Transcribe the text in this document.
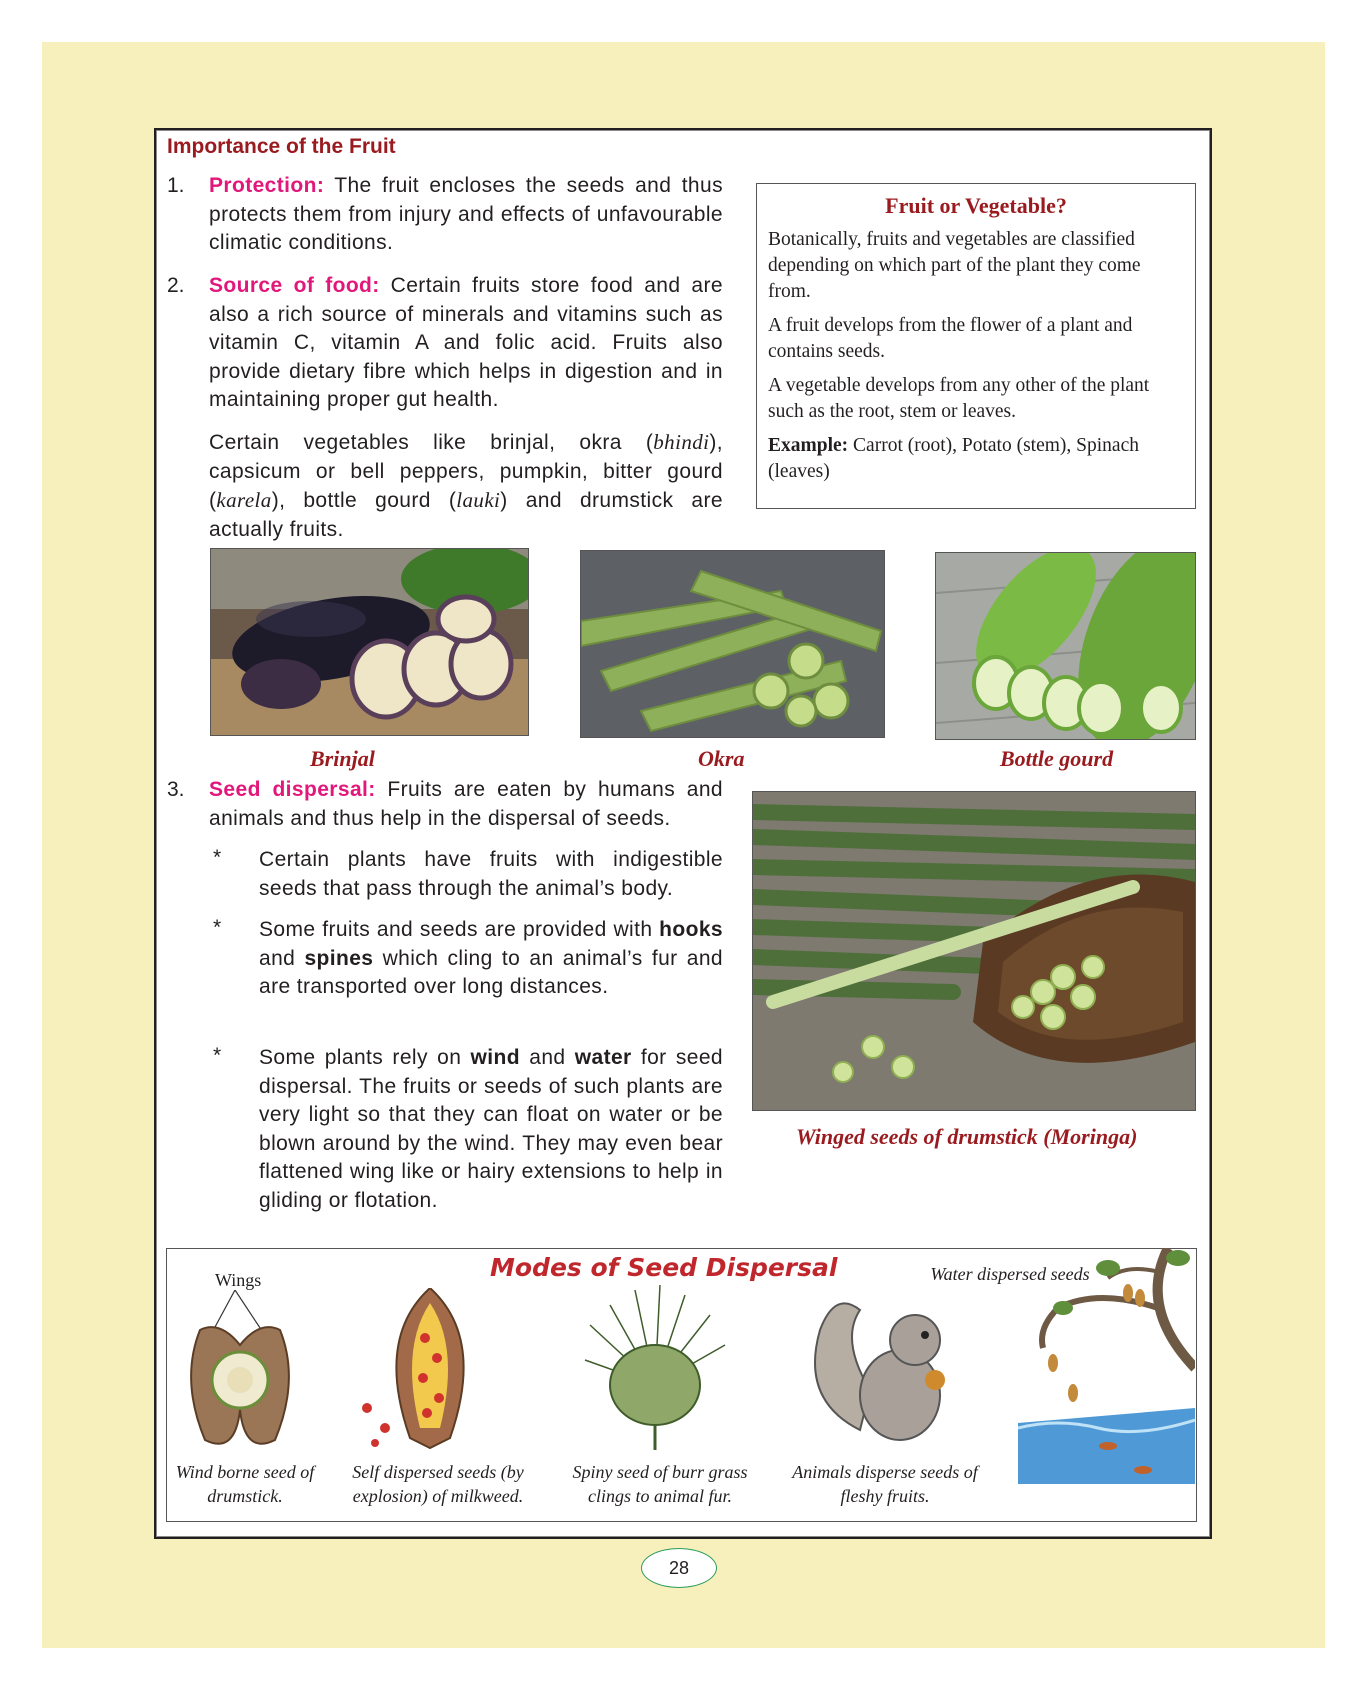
Importance of the Fruit
1. Protection: The fruit encloses the seeds and thus protects them from injury and effects of unfavourable climatic conditions.
2. Source of food: Certain fruits store food and are also a rich source of minerals and vitamins such as vitamin C, vitamin A and folic acid. Fruits also provide dietary fibre which helps in digestion and in maintaining proper gut health.
Certain vegetables like brinjal, okra (bhindi), capsicum or bell peppers, pumpkin, bitter gourd (karela), bottle gourd (lauki) and drumstick are actually fruits.
Fruit or Vegetable?

Botanically, fruits and vegetables are classified depending on which part of the plant they come from.

A fruit develops from the flower of a plant and contains seeds.

A vegetable develops from any other of the plant such as the root, stem or leaves.

Example: Carrot (root), Potato (stem), Spinach (leaves)

Brinjal	Okra	Bottle gourd
3. Seed dispersal: Fruits are eaten by humans and animals and thus help in the dispersal of seeds.
* Certain plants have fruits with indigestible seeds that pass through the animal’s body.
* Some fruits and seeds are provided with hooks and spines which cling to an animal’s fur and are transported over long distances.
* Some plants rely on wind and water for seed dispersal. The fruits or seeds of such plants are very light so that they can float on water or be blown around by the wind. They may even bear flattened wing like or hairy extensions to help in gliding or flotation.
Winged seeds of drumstick (Moringa)
Modes of Seed Dispersal
Wings	Water dispersed seeds
Wind borne seed of drumstick.
Self dispersed seeds (by explosion) of milkweed.
Spiny seed of burr grass clings to animal fur.
Animals disperse seeds of fleshy fruits.
28
